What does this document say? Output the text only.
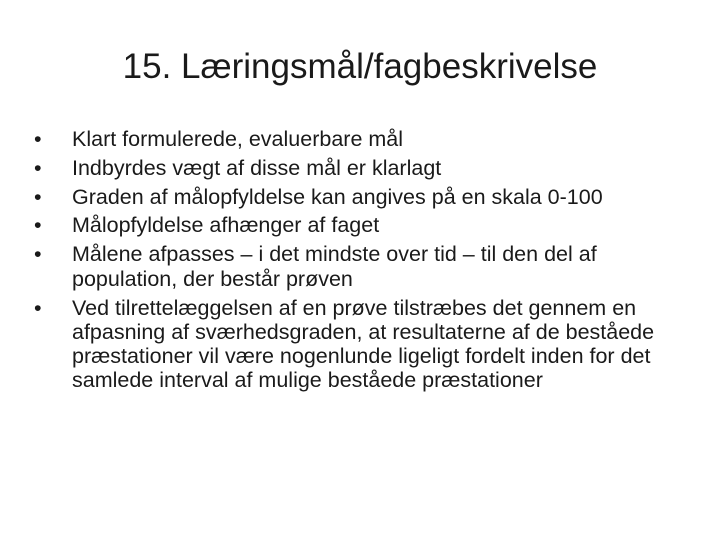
15. Læringsmål/fagbeskrivelse
•	Klart formulerede, evaluerbare mål
•	Indbyrdes vægt af disse mål er klarlagt
•	Graden af målopfyldelse kan angives på en skala 0-100
•	Målopfyldelse afhænger af faget
•	Målene afpasses – i det mindste over tid – til den del af population, der består prøven
•	Ved tilrettelæggelsen af en prøve tilstræbes det gennem en afpasning af sværhedsgraden, at resultaterne af de beståede præstationer vil være nogenlunde ligeligt fordelt inden for det samlede interval af mulige beståede præstationer
